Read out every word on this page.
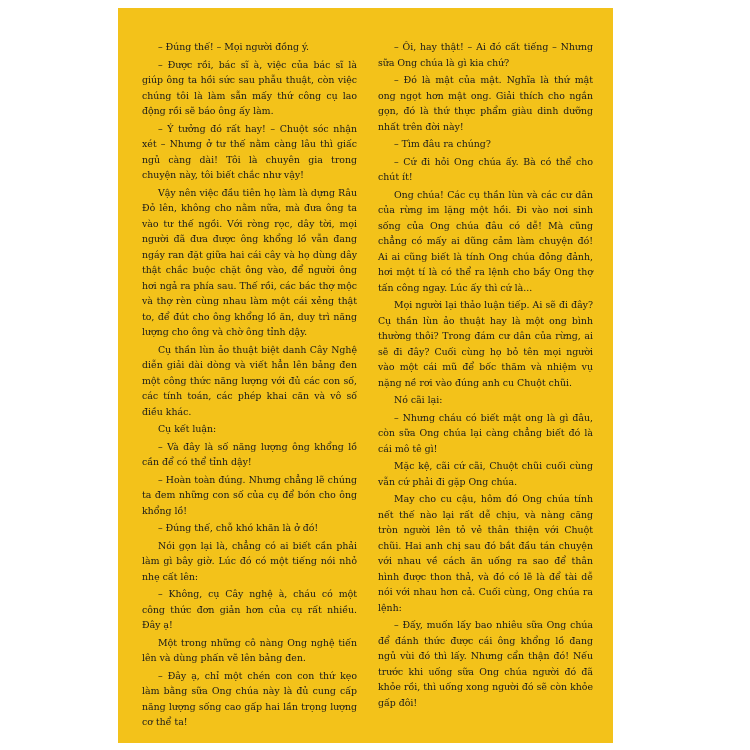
– Đúng thế! – Mọi người đồng ý.

– Được rồi, bác sĩ à, việc của bác sĩ là giúp ông ta hồi sức sau phẫu thuật, còn việc chúng tôi là làm sẵn mấy thứ công cụ lao động rồi sẽ báo ông ấy làm.

– Ý tưởng đó rất hay! – Chuột sóc nhận xét – Nhưng ở tư thế nằm càng lâu thì giấc ngủ càng dài! Tôi là chuyên gia trong chuyện này, tôi biết chắc như vậy!

Vậy nên việc đầu tiên họ làm là dựng Râu Đỏ lên, không cho nằm nữa, mà đưa ông ta vào tư thế ngồi. Với ròng rọc, dây tời, mọi người đã đưa được ông khổng lồ vẫn đang ngáy ran đặt giữa hai cái cây và họ dùng dây thật chắc buộc chặt ông vào, để người ông hơi ngả ra phía sau. Thế rồi, các bác thợ mộc và thợ rèn cùng nhau làm một cái xẻng thật to, để đút cho ông khổng lồ ăn, duy trì năng lượng cho ông và chờ ông tỉnh dậy.

Cụ thần lùn ảo thuật biệt danh Cây Nghệ diễn giải dài dòng và viết hẳn lên bảng đen một công thức năng lượng với đủ các con số, các tính toán, các phép khai căn và vô số điều khác.

Cụ kết luận:

– Và đây là số năng lượng ông khổng lồ cần để có thể tỉnh dậy!

– Hoàn toàn đúng. Nhưng chẳng lẽ chúng ta đem những con số của cụ để bón cho ông khổng lồ!

– Đúng thế, chỗ khó khăn là ở đó!

Nói gọn lại là, chẳng có ai biết cần phải làm gì bây giờ. Lúc đó có một tiếng nói nhỏ nhẹ cất lên:

– Không, cụ Cây nghệ à, cháu có một công thức đơn giản hơn của cụ rất nhiều. Đây ạ!

Một trong những cô nàng Ong nghệ tiến lên và dùng phấn vẽ lên bảng đen.

– Đây ạ, chỉ một chén con con thứ kẹo làm bằng sữa Ong chúa này là đủ cung cấp năng lượng sống cao gấp hai lần trọng lượng cơ thể ta!

– Ôi, hay thật! – Ai đó cất tiếng – Nhưng sữa Ong chúa là gì kia chứ?

– Đó là mật của mật. Nghĩa là thứ mật ong ngọt hơn mật ong. Giải thích cho ngắn gọn, đó là thứ thực phẩm giàu dinh dưỡng nhất trên đời này!

– Tìm đâu ra chúng?

– Cứ đi hỏi Ong chúa ấy. Bà có thể cho chút ít!

Ong chúa! Các cụ thần lùn và các cư dân của rừng im lặng một hồi. Đi vào nơi sinh sống của Ong chúa đâu có dễ! Mà cũng chẳng có mấy ai dũng cảm làm chuyện đó! Ai ai cũng biết là tính Ong chúa đỏng đảnh, hơi một tí là có thể ra lệnh cho bầy Ong thợ tấn công ngay. Lúc ấy thì cứ là...

Mọi người lại thảo luận tiếp. Ai sẽ đi đây? Cụ thần lùn ảo thuật hay là một ong bình thường thôi? Trong đám cư dân của rừng, ai sẽ đi đây? Cuối cùng họ bỏ tên mọi người vào một cái mũ để bốc thăm và nhiệm vụ nặng nề rơi vào đúng anh cu Chuột chũi.

Nó cãi lại:

– Nhưng cháu có biết mật ong là gì đâu, còn sữa Ong chúa lại càng chẳng biết đó là cái mô tê gì!

Mặc kệ, cãi cứ cãi, Chuột chũi cuối cùng vẫn cứ phải đi gặp Ong chúa.

May cho cu cậu, hôm đó Ong chúa tính nết thế nào lại rất dễ chịu, và nàng căng tròn người lên tỏ vẻ thân thiện với Chuột chũi. Hai anh chị sau đó bắt đầu tán chuyện với nhau về cách ăn uống ra sao để thân hình được thon thả, và đó có lẽ là để tài dễ nói với nhau hơn cả. Cuối cùng, Ong chúa ra lệnh:

– Đấy, muốn lấy bao nhiêu sữa Ong chúa để đánh thức được cái ông khổng lồ đang ngủ vùi đó thì lấy. Nhưng cẩn thận đó! Nếu trước khi uống sữa Ong chúa người đó đã khỏe rồi, thì uống xong người đó sẽ còn khỏe gấp đôi!
